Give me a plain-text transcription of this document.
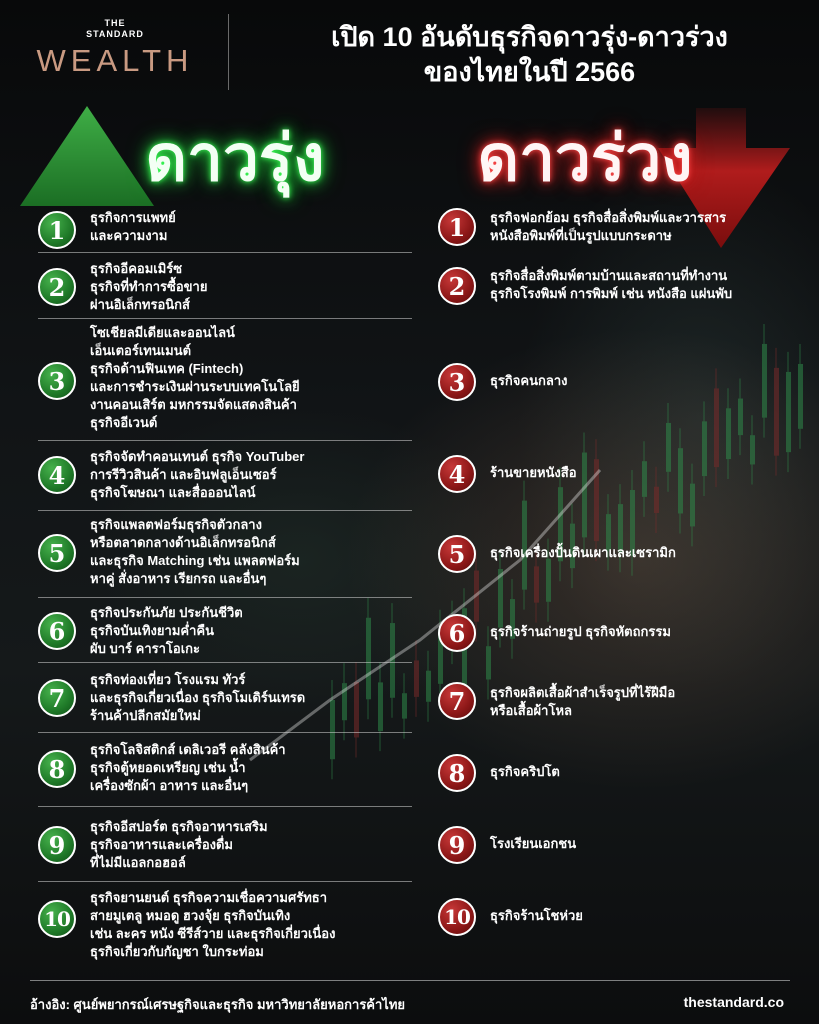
THE
STANDARD
WEALTH
เปิด 10 อันดับธุรกิจดาวรุ่ง-ดาวร่วง
ของไทยในปี 2566
ดาวรุ่ง	ดาวร่วง
1	ธุรกิจการแพทย์
และความงาม
2
ธุรกิจอีคอมเมิร์ซ
ธุรกิจที่ทำการซื้อขาย
ผ่านอิเล็กทรอนิกส์
3
โซเชียลมีเดียและออนไลน์
เอ็นเตอร์เทนเมนต์
ธุรกิจด้านฟินเทค (Fintech)
และการชำระเงินผ่านระบบเทคโนโลยี
งานคอนเสิร์ต มหกรรมจัดแสดงสินค้า
ธุรกิจอีเวนต์
4
ธุรกิจจัดทำคอนเทนต์ ธุรกิจ YouTuber
การรีวิวสินค้า และอินฟลูเอ็นเซอร์
ธุรกิจโฆษณา และสื่อออนไลน์
5
ธุรกิจแพลตฟอร์มธุรกิจตัวกลาง
หรือตลาดกลางด้านอิเล็กทรอนิกส์
และธุรกิจ Matching เช่น แพลตฟอร์ม
หาคู่ สั่งอาหาร เรียกรถ และอื่นๆ
6
ธุรกิจประกันภัย ประกันชีวิต
ธุรกิจบันเทิงยามค่ำคืน
ผับ บาร์ คาราโอเกะ
7
ธุรกิจท่องเที่ยว โรงแรม ทัวร์
และธุรกิจเกี่ยวเนื่อง ธุรกิจโมเดิร์นเทรด
ร้านค้าปลีกสมัยใหม่
8
ธุรกิจโลจิสติกส์ เดลิเวอรี คลังสินค้า
ธุรกิจตู้หยอดเหรียญ เช่น น้ำ
เครื่องซักผ้า อาหาร และอื่นๆ
9
ธุรกิจอีสปอร์ต ธุรกิจอาหารเสริม
ธุรกิจอาหารและเครื่องดื่ม
ที่ไม่มีแอลกอฮอล์
10
ธุรกิจยานยนต์ ธุรกิจความเชื่อความศรัทธา
สายมูเตลู หมอดู ฮวงจุ้ย ธุรกิจบันเทิง
เช่น ละคร หนัง ซีรีส์วาย และธุรกิจเกี่ยวเนื่อง
ธุรกิจเกี่ยวกับกัญชา ใบกระท่อม
1	ธุรกิจฟอกย้อม ธุรกิจสื่อสิ่งพิมพ์และวารสาร
หนังสือพิมพ์ที่เป็นรูปแบบกระดาษ
2	ธุรกิจสื่อสิ่งพิมพ์ตามบ้านและสถานที่ทำงาน
ธุรกิจโรงพิมพ์ การพิมพ์ เช่น หนังสือ แผ่นพับ
3	ธุรกิจคนกลาง
4	ร้านขายหนังสือ
5	ธุรกิจเครื่องปั้นดินเผาและเซรามิก
6	ธุรกิจร้านถ่ายรูป ธุรกิจหัตถกรรม
7	ธุรกิจผลิตเสื้อผ้าสำเร็จรูปที่ไร้ฝีมือ
หรือเสื้อผ้าโหล
8	ธุรกิจคริปโต
9	โรงเรียนเอกชน
10	ธุรกิจร้านโชห่วย
อ้างอิง: ศูนย์พยากรณ์เศรษฐกิจและธุรกิจ มหาวิทยาลัยหอการค้าไทย	thestandard.co
